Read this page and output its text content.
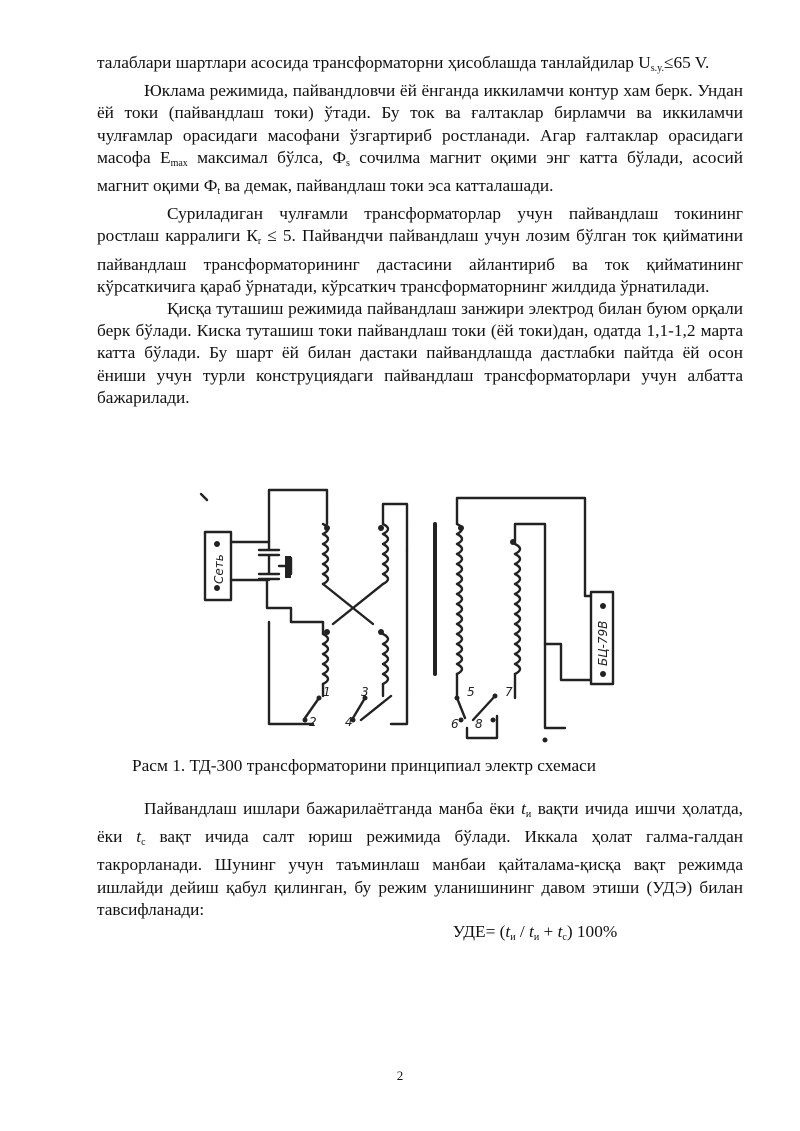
талаблари шартлари асосида трансформаторни ҳисоблашда танлайдилар $U_{s.y.}\le 65$ V.

Юклама режимида, пайвандловчи ёй ёнганда иккиламчи контур хам берк. Ундан ёй токи (пайвандлаш токи) ўтади. Бу ток ва ғалтаклар бирламчи ва иккиламчи чулғамлар орасидаги масофани ўзгартириб ростланади. Агар ғалтаклар орасидаги масофа $Е_{max}$ максимал бўлса, $Ф_s$ сочилма магнит оқими энг катта бўлади, асосий магнит оқими $Ф_t$ ва демак, пайвандлаш токи эса катталашади.

Суриладиган чулғамли трансформаторлар учун пайвандлаш токининг ростлаш карралиги $К_r \le 5$. Пайвандчи пайвандлаш учун лозим бўлган ток қийматини пайвандлаш трансформаторининг дастасини айлантириб ва ток қийматининг кўрсаткичига қараб ўрнатади, кўрсаткич трансформаторнинг жилдида ўрнатилади.

Қисқа туташиш режимида пайвандлаш занжири электрод билан буюм орқали берк бўлади. Киска туташиш токи пайвандлаш токи (ёй токи)дан, одатда 1,1-1,2 марта катта бўлади. Бу шарт ёй билан дастаки пайвандлашда дастлабки пайтда ёй осон ёниши учун турли конструциядаги пайвандлаш трансформаторлари учун албатта бажарилади.

Сеть
БЦ-79В
1
2
3
4
5
6
7
8
Расм 1. ТД-300 трансформаторини принципиал электр схемаси

Пайвандлаш ишлари бажарилаётганда манба ёки $t_и$ вақти ичида ишчи ҳолатда, ёки $t_с$ вақт ичида салт юриш режимида бўлади. Иккала ҳолат галма-галдан такрорланади. Шунинг учун таъминлаш манбаи қайталама-қисқа вақт режимда ишлайди дейиш қабул қилинган, бу режим уланишининг давом этиши (УДЭ) билан тавсифланади:

$УДЕ= (t_и / t_и + t_с)$ 100%

2
